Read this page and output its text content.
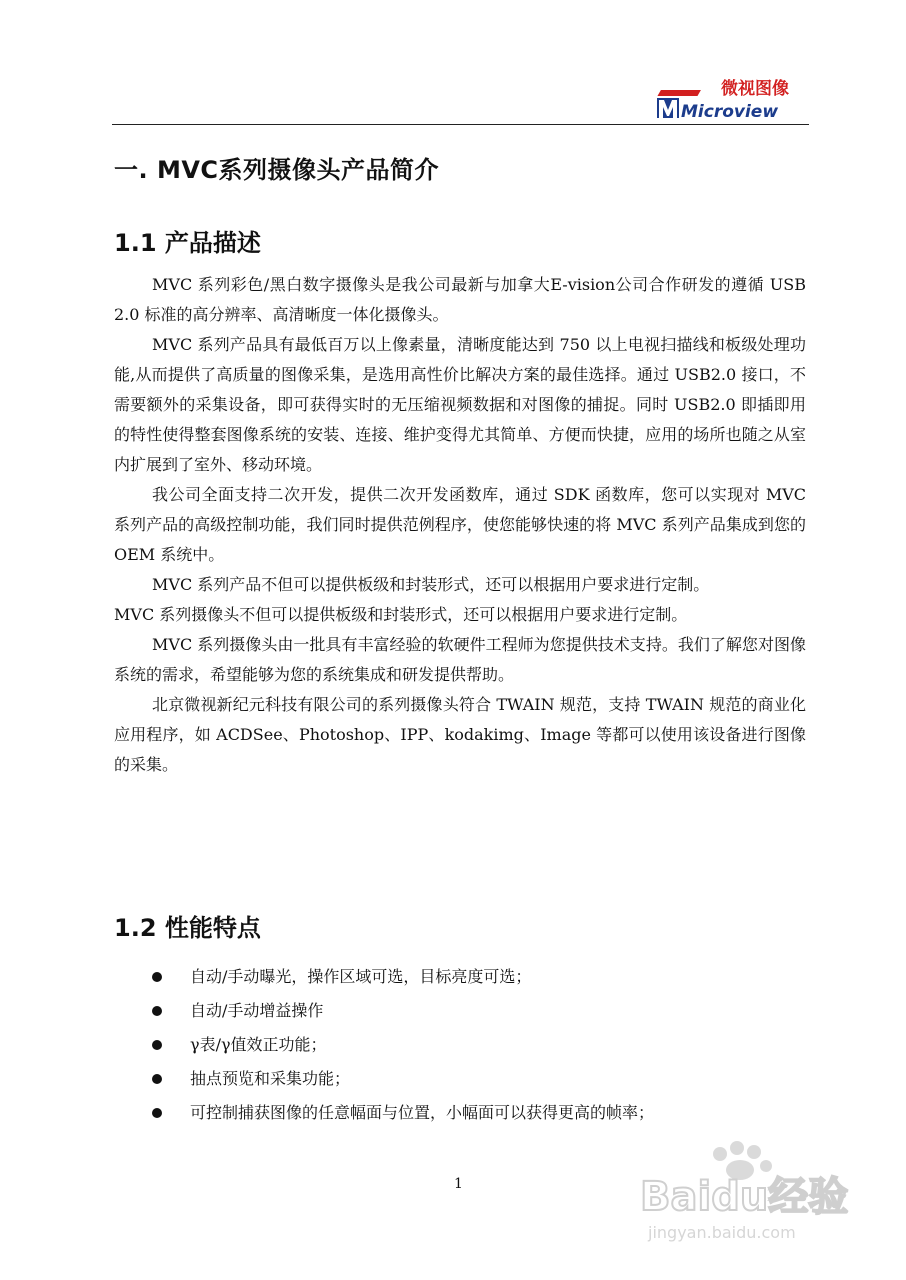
微视图像
Microview
一. MVC系列摄像头产品简介
1.1 产品描述

MVC 系列彩色/黑白数字摄像头是我公司最新与加拿大E-vision公司合作研发的遵循 USB 2.0 标准的高分辨率、高清晰度一体化摄像头。

MVC 系列产品具有最低百万以上像素量，清晰度能达到 750 以上电视扫描线和板级处理功能,从而提供了高质量的图像采集，是选用高性价比解决方案的最佳选择。通过 USB2.0 接口，不需要额外的采集设备，即可获得实时的无压缩视频数据和对图像的捕捉。同时 USB2.0 即插即用的特性使得整套图像系统的安装、连接、维护变得尤其简单、方便而快捷，应用的场所也随之从室内扩展到了室外、移动环境。

我公司全面支持二次开发，提供二次开发函数库，通过 SDK 函数库，您可以实现对 MVC 系列产品的高级控制功能，我们同时提供范例程序，使您能够快速的将 MVC 系列产品集成到您的 OEM 系统中。

MVC 系列产品不但可以提供板级和封装形式，还可以根据用户要求进行定制。

MVC 系列摄像头不但可以提供板级和封装形式，还可以根据用户要求进行定制。

MVC 系列摄像头由一批具有丰富经验的软硬件工程师为您提供技术支持。我们了解您对图像系统的需求，希望能够为您的系统集成和研发提供帮助。

北京微视新纪元科技有限公司的系列摄像头符合 TWAIN 规范，支持 TWAIN 规范的商业化应用程序，如 ACDSee、Photoshop、IPP、kodakimg、Image 等都可以使用该设备进行图像的采集。

1.2 性能特点
自动/手动曝光，操作区域可选，目标亮度可选；
自动/手动增益操作
γ表/γ值效正功能；
抽点预览和采集功能；
可控制捕获图像的任意幅面与位置，小幅面可以获得更高的帧率；
1	Baidu经验
jingyan.baidu.com
